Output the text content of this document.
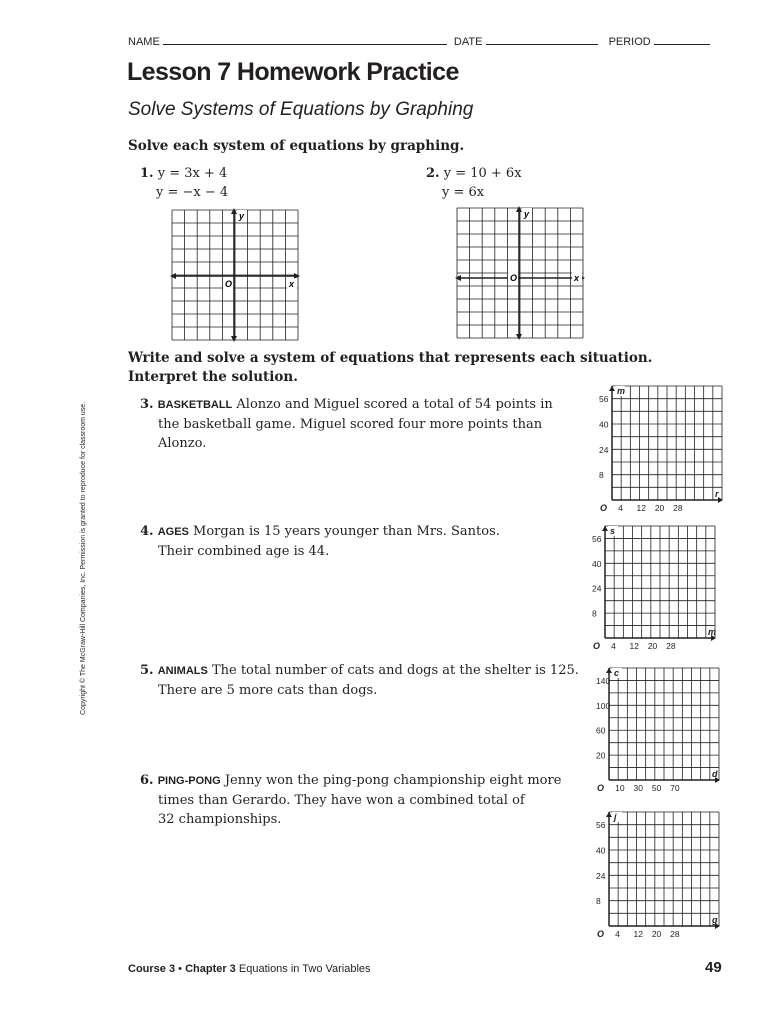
NAME	DATE	PERIOD
Lesson 7 Homework Practice
Solve Systems of Equations by Graphing
Solve each system of equations by graphing.
1. y = 3x + 4
y = −x − 4
y
O	x
2. y = 10 + 6x
y = 6x
y
O	x
Write and solve a system of equations that represents each situation.
Interpret the solution.
3. BASKETBALL Alonzo and Miguel scored a total of 54 points in
the basketball game. Miguel scored four more points than
Alonzo.
4. AGES Morgan is 15 years younger than Mrs. Santos.
Their combined age is 44.
5. ANIMALS The total number of cats and dogs at the shelter is 125.
There are 5 more cats than dogs.
6. PING-PONG Jenny won the ping-pong championship eight more
times than Gerardo. They have won a combined total of
32 championships.
56
40
24
8
4 12 20 28
O
m
r
56
40
24
8
4 12 20 28
O
s
m
140
100
60
20
10 30 50 70
O
c
d
56
40
24
8
4 12 20 28
O
j
g
Copyright © The McGraw-Hill Companies, Inc. Permission is granted to reproduce for classroom use.
Course 3 • Chapter 3 Equations in Two Variables	49
